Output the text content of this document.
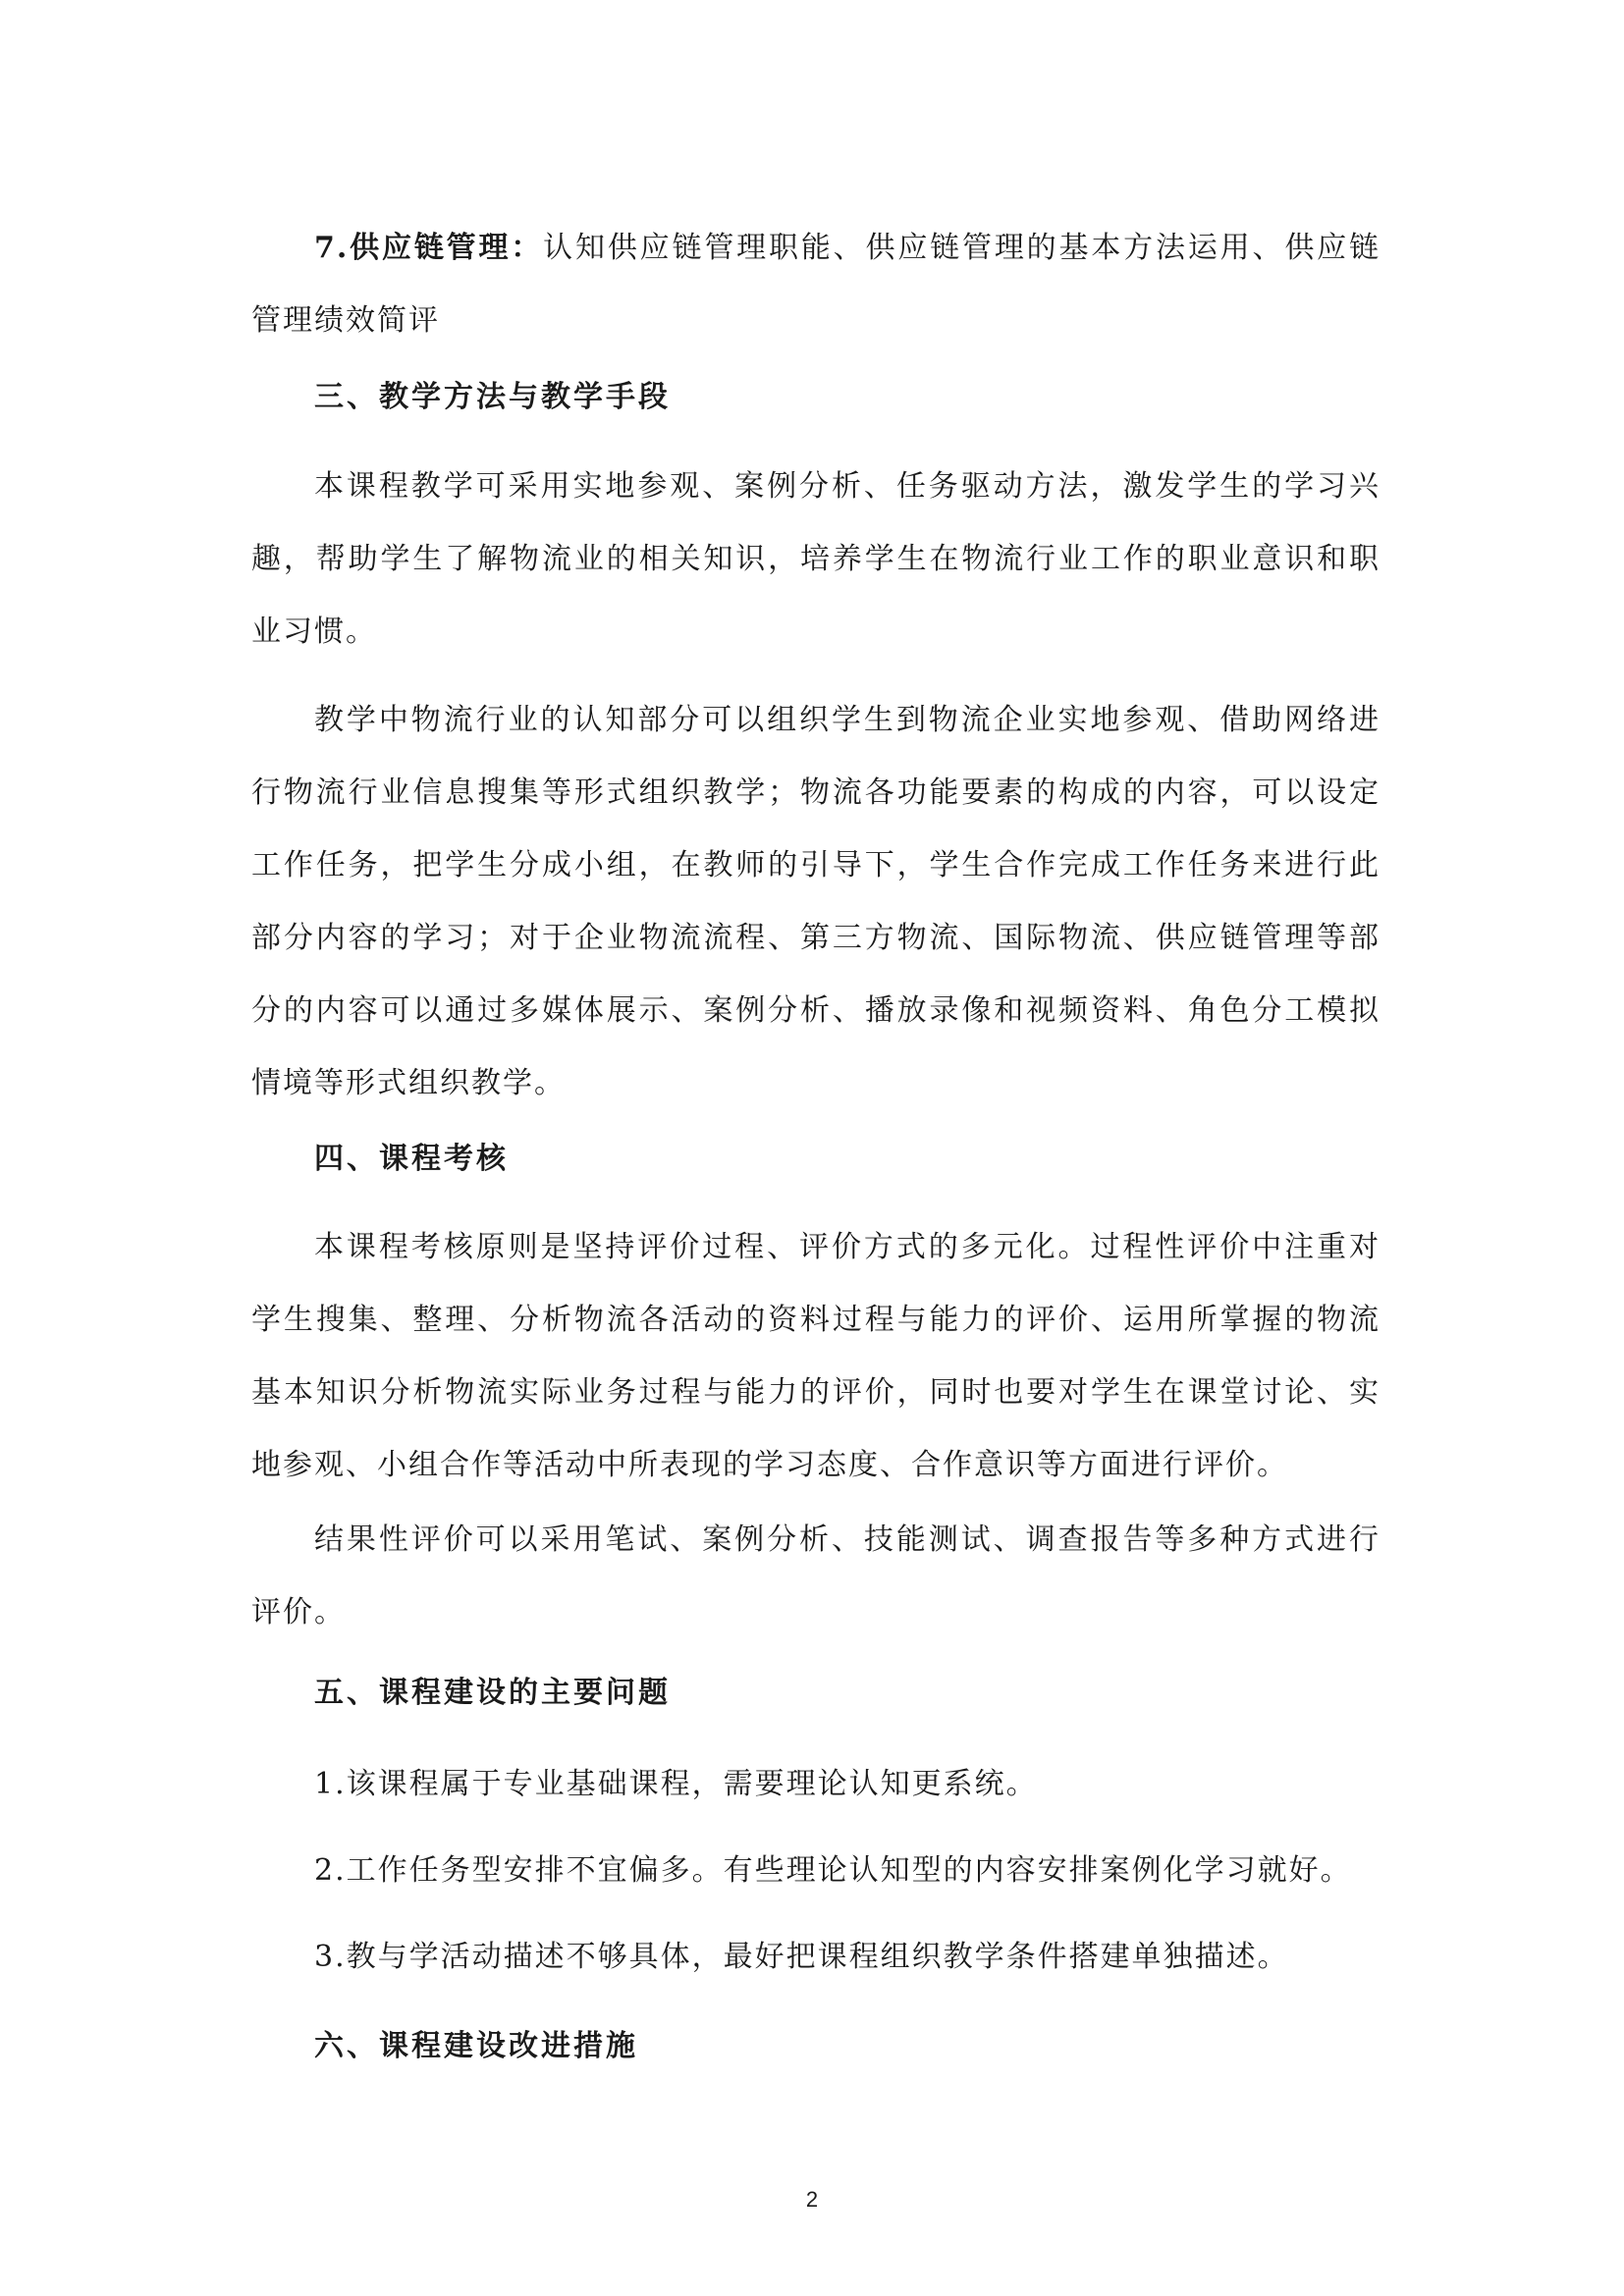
7.供应链管理：认知供应链管理职能、供应链管理的基本方法运用、供应链管理绩效简评
三、教学方法与教学手段
本课程教学可采用实地参观、案例分析、任务驱动方法，激发学生的学习兴趣，帮助学生了解物流业的相关知识，培养学生在物流行业工作的职业意识和职业习惯。
教学中物流行业的认知部分可以组织学生到物流企业实地参观、借助网络进行物流行业信息搜集等形式组织教学；物流各功能要素的构成的内容，可以设定工作任务，把学生分成小组，在教师的引导下，学生合作完成工作任务来进行此部分内容的学习；对于企业物流流程、第三方物流、国际物流、供应链管理等部分的内容可以通过多媒体展示、案例分析、播放录像和视频资料、角色分工模拟情境等形式组织教学。
四、课程考核
本课程考核原则是坚持评价过程、评价方式的多元化。过程性评价中注重对学生搜集、整理、分析物流各活动的资料过程与能力的评价、运用所掌握的物流基本知识分析物流实际业务过程与能力的评价，同时也要对学生在课堂讨论、实地参观、小组合作等活动中所表现的学习态度、合作意识等方面进行评价。
结果性评价可以采用笔试、案例分析、技能测试、调查报告等多种方式进行评价。
五、课程建设的主要问题
1.该课程属于专业基础课程，需要理论认知更系统。
2.工作任务型安排不宜偏多。有些理论认知型的内容安排案例化学习就好。
3.教与学活动描述不够具体，最好把课程组织教学条件搭建单独描述。
六、课程建设改进措施
2
